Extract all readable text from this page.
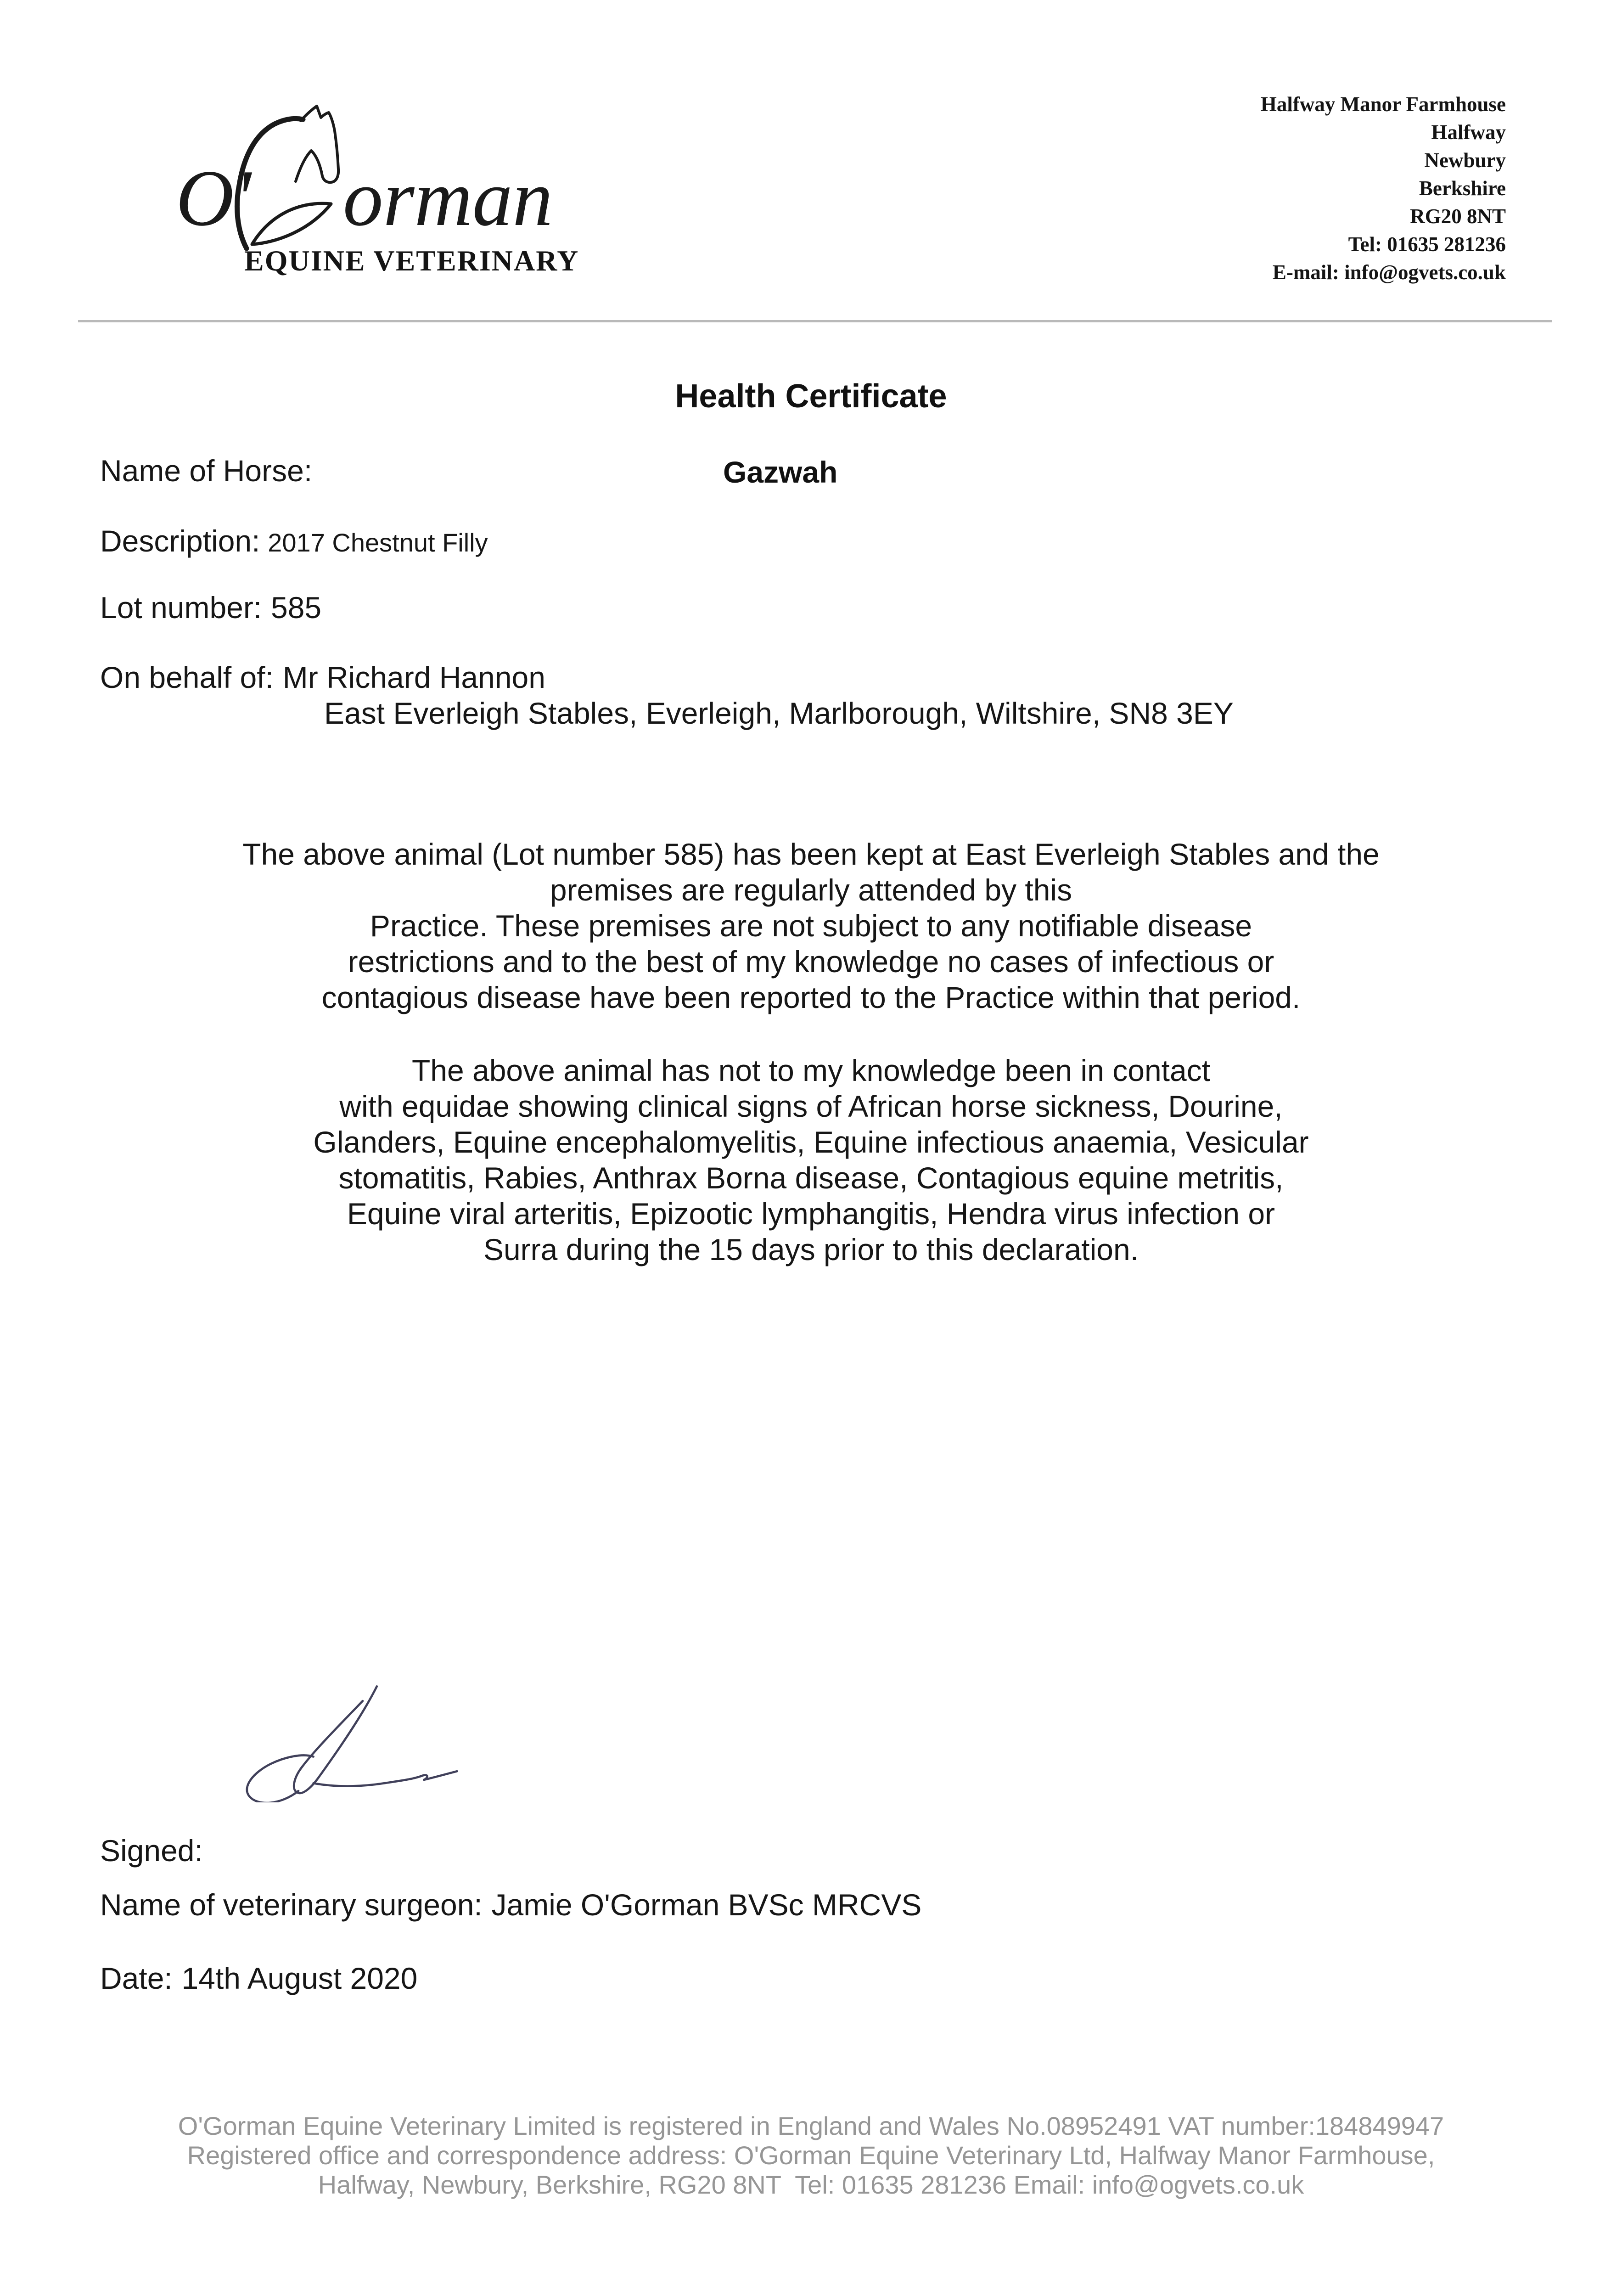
O' orman
EQUINE VETERINARY
Halfway Manor Farmhouse
Halfway
Newbury
Berkshire
RG20 8NT
Tel: 01635 281236
E-mail: info@ogvets.co.uk
Health Certificate
Name of Horse:	Gazwah
Description: 2017 Chestnut Filly
Lot number: 585
On behalf of: Mr Richard Hannon
East Everleigh Stables, Everleigh, Marlborough, Wiltshire, SN8 3EY
The above animal (Lot number 585) has been kept at East Everleigh Stables and the
premises are regularly attended by this
Practice. These premises are not subject to any notifiable disease
restrictions and to the best of my knowledge no cases of infectious or
contagious disease have been reported to the Practice within that period.
The above animal has not to my knowledge been in contact
with equidae showing clinical signs of African horse sickness, Dourine,
Glanders, Equine encephalomyelitis, Equine infectious anaemia, Vesicular
stomatitis, Rabies, Anthrax Borna disease, Contagious equine metritis,
Equine viral arteritis, Epizootic lymphangitis, Hendra virus infection or
Surra during the 15 days prior to this declaration.
Signed:
Name of veterinary surgeon: Jamie O'Gorman BVSc MRCVS
Date: 14th August 2020
O'Gorman Equine Veterinary Limited is registered in England and Wales No.08952491 VAT number:184849947
Registered office and correspondence address: O'Gorman Equine Veterinary Ltd, Halfway Manor Farmhouse,
Halfway, Newbury, Berkshire, RG20 8NT  Tel: 01635 281236 Email: info@ogvets.co.uk
